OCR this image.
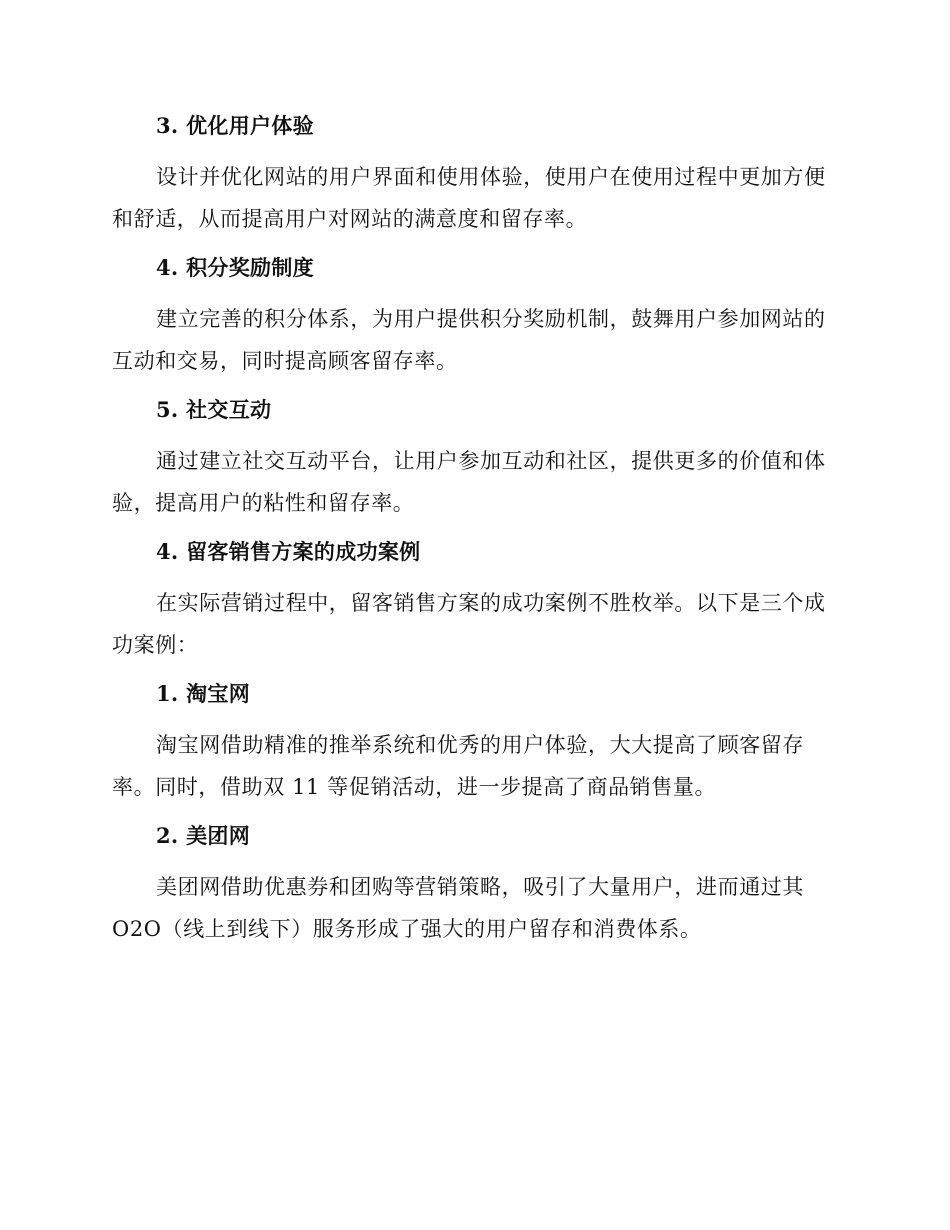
3. 优化用户体验
设计并优化网站的用户界面和使用体验，使用户在使用过程中更加方便
和舒适，从而提高用户对网站的满意度和留存率。
4. 积分奖励制度
建立完善的积分体系，为用户提供积分奖励机制，鼓舞用户参加网站的
互动和交易，同时提高顾客留存率。
5. 社交互动
通过建立社交互动平台，让用户参加互动和社区，提供更多的价值和体
验，提高用户的粘性和留存率。
4. 留客销售方案的成功案例
在实际营销过程中，留客销售方案的成功案例不胜枚举。以下是三个成
功案例：
1. 淘宝网
淘宝网借助精准的推举系统和优秀的用户体验，大大提高了顾客留存
率。同时，借助双 11 等促销活动，进一步提高了商品销售量。
2. 美团网
美团网借助优惠券和团购等营销策略，吸引了大量用户，进而通过其
O2O（线上到线下）服务形成了强大的用户留存和消费体系。
